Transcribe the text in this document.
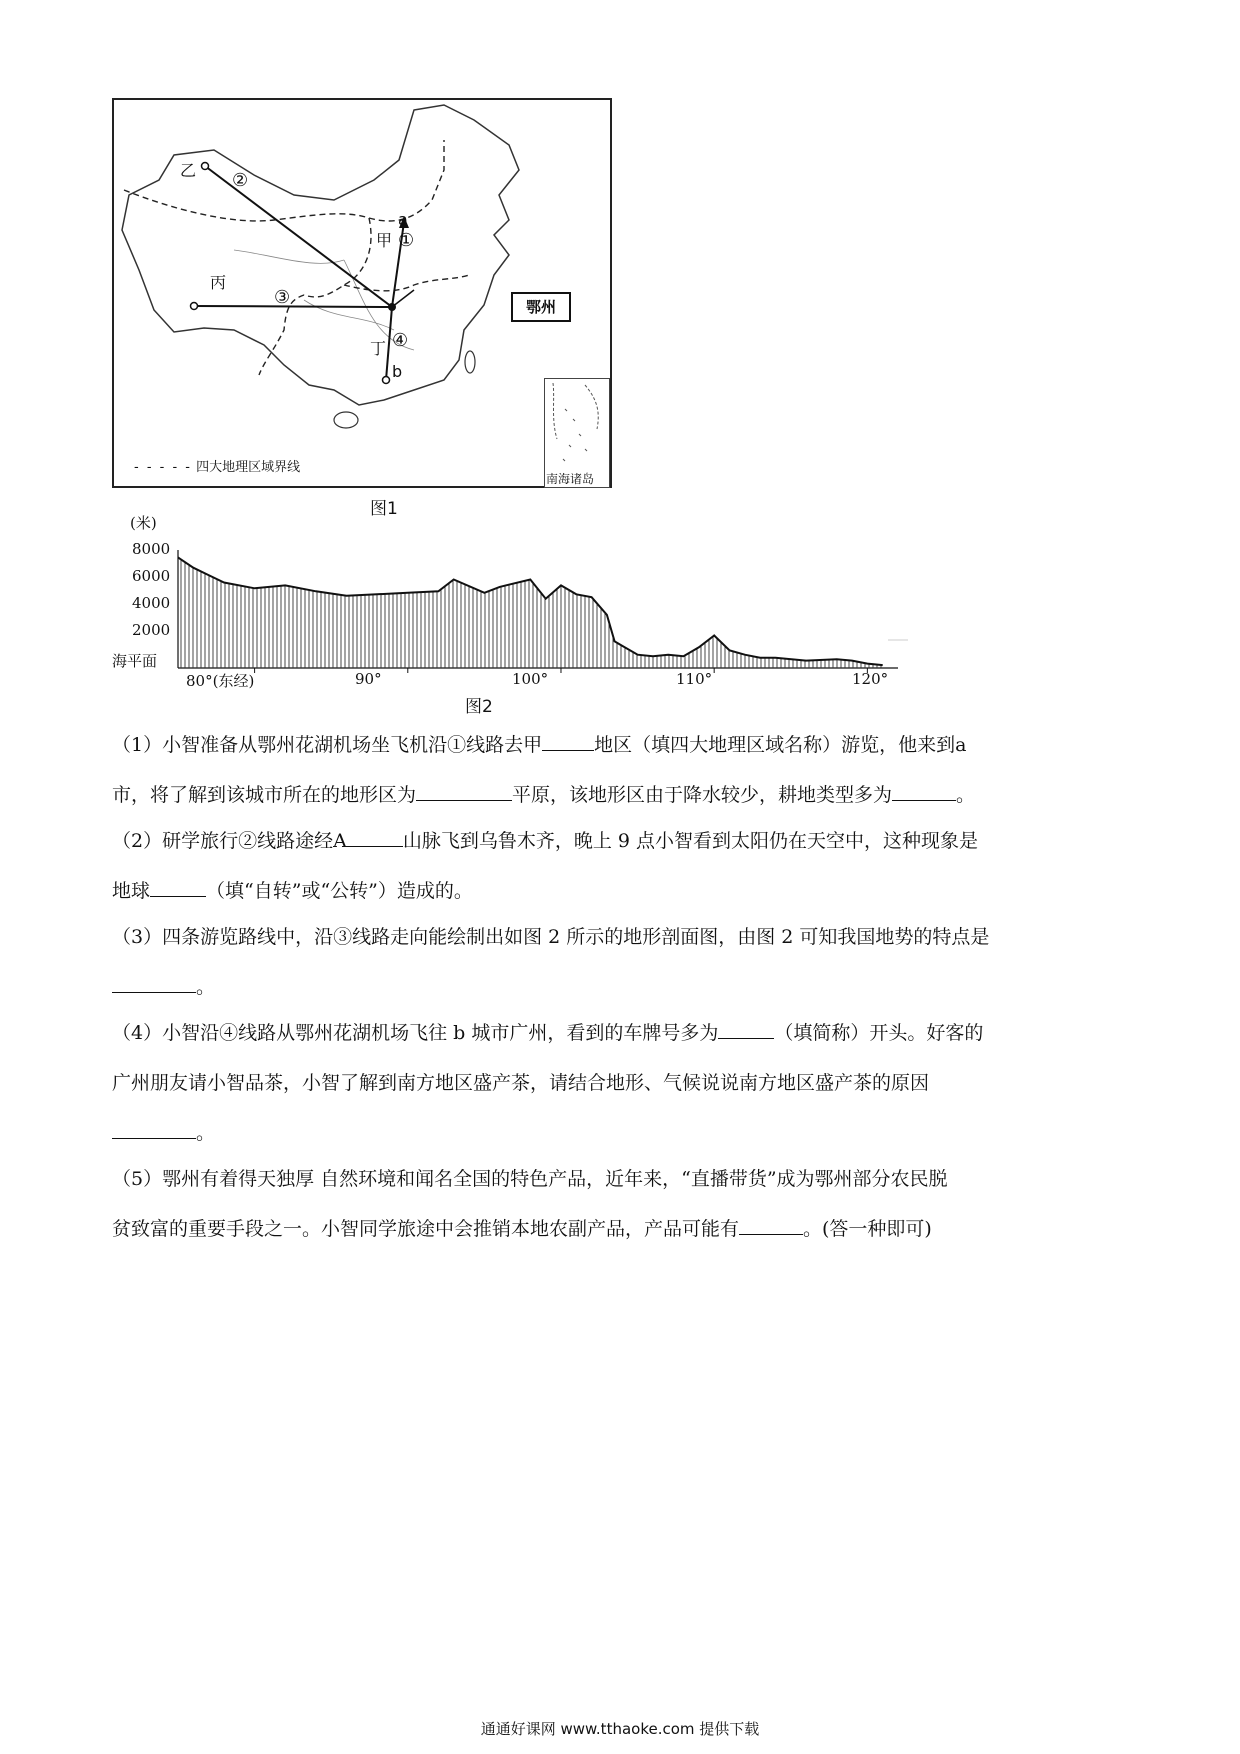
乙 ②
丙
③
a
甲 ①
丁 ④
b
鄂州
南海诸岛
- - - - - 四大地理区域界线
图1
(米)
8000
6000
4000
2000
海平面
80°(东经)	90°	100°	110°	120°
图2
（1）小智准备从鄂州花湖机场坐飞机沿①线路去甲	地区（填四大地理区域名称）游览，他来到a
市，将了解到该城市所在的地形区为	平原，该地形区由于降水较少，耕地类型多为	。
（2）研学旅行②线路途经A	山脉飞到乌鲁木齐，晚上 9 点小智看到太阳仍在天空中，这种现象是
地球	（填“自转”或“公转”）造成的。
（3）四条游览路线中，沿③线路走向能绘制出如图 2 所示的地形剖面图，由图 2 可知我国地势的特点是
。
（4）小智沿④线路从鄂州花湖机场飞往 b 城市广州，看到的车牌号多为	（填简称）开头。好客的
广州朋友请小智品茶，小智了解到南方地区盛产茶，请结合地形、气候说说南方地区盛产茶的原因
。
（5）鄂州有着得天独厚 自然环境和闻名全国的特色产品，近年来，“直播带货”成为鄂州部分农民脱
贫致富的重要手段之一。小智同学旅途中会推销本地农副产品，产品可能有	。(答一种即可)
通通好课网 www.tthaoke.com 提供下载
